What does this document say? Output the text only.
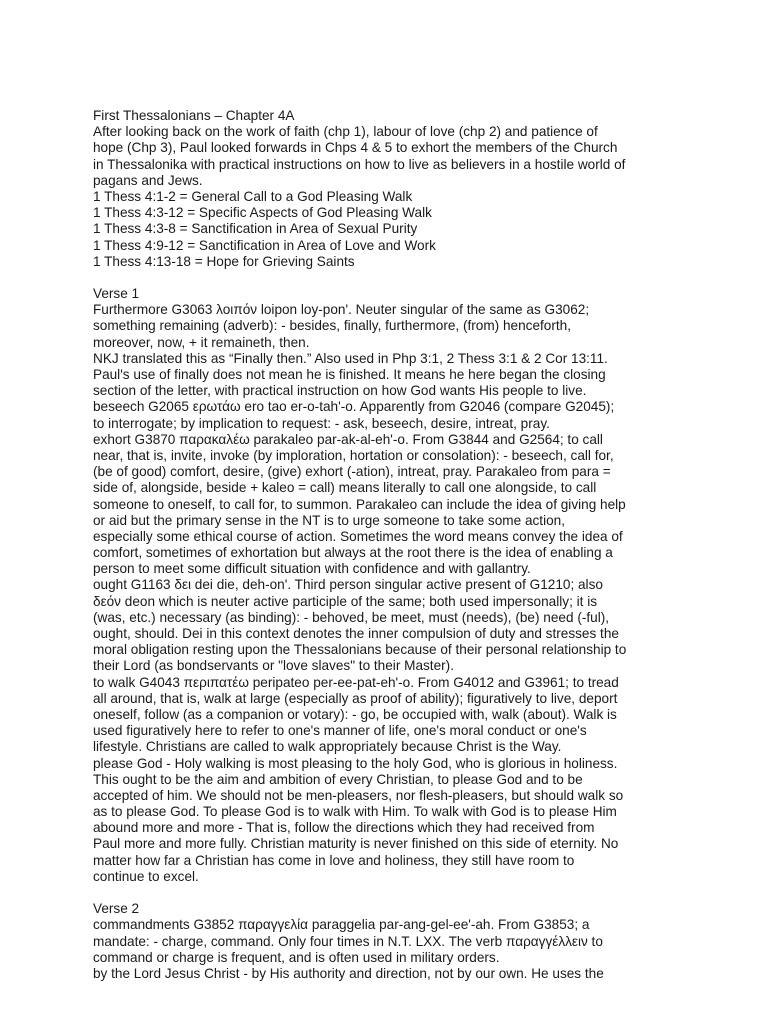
First Thessalonians – Chapter 4A
After looking back on the work of faith (chp 1), labour of love (chp 2) and patience of
hope (Chp 3), Paul looked forwards in Chps 4 & 5 to exhort the members of the Church
in Thessalonika with practical instructions on how to live as believers in a hostile world of
pagans and Jews.
1 Thess 4:1-2 = General Call to a God Pleasing Walk
1 Thess 4:3-12 = Specific Aspects of God Pleasing Walk
1 Thess 4:3-8 = Sanctification in Area of Sexual Purity
1 Thess 4:9-12 = Sanctification in Area of Love and Work
1 Thess 4:13-18 = Hope for Grieving Saints
Verse 1
Furthermore G3063 λοιπόν loipon loy-pon'. Neuter singular of the same as G3062;
something remaining (adverb): - besides, finally, furthermore, (from) henceforth,
moreover, now, + it remaineth, then.
NKJ translated this as “Finally then.” Also used in Php 3:1, 2 Thess 3:1 & 2 Cor 13:11.
Paul's use of finally does not mean he is finished. It means he here began the closing
section of the letter, with practical instruction on how God wants His people to live.
beseech G2065 ερωτάω ero tao er-o-tah'-o. Apparently from G2046 (compare G2045);
to interrogate; by implication to request: - ask, beseech, desire, intreat, pray.
exhort G3870 παρακαλέω parakaleo par-ak-al-eh'-o. From G3844 and G2564; to call
near, that is, invite, invoke (by imploration, hortation or consolation): - beseech, call for,
(be of good) comfort, desire, (give) exhort (-ation), intreat, pray. Parakaleo from para =
side of, alongside, beside + kaleo = call) means literally to call one alongside, to call
someone to oneself, to call for, to summon. Parakaleo can include the idea of giving help
or aid but the primary sense in the NT is to urge someone to take some action,
especially some ethical course of action. Sometimes the word means convey the idea of
comfort, sometimes of exhortation but always at the root there is the idea of enabling a
person to meet some difficult situation with confidence and with gallantry.
ought G1163 δει dei die, deh-on'. Third person singular active present of G1210; also
δεόν deon which is neuter active participle of the same; both used impersonally; it is
(was, etc.) necessary (as binding): - behoved, be meet, must (needs), (be) need (-ful),
ought, should. Dei in this context denotes the inner compulsion of duty and stresses the
moral obligation resting upon the Thessalonians because of their personal relationship to
their Lord (as bondservants or "love slaves" to their Master).
to walk G4043 περιπατέω peripateo per-ee-pat-eh'-o. From G4012 and G3961; to tread
all around, that is, walk at large (especially as proof of ability); figuratively to live, deport
oneself, follow (as a companion or votary): - go, be occupied with, walk (about). Walk is
used figuratively here to refer to one's manner of life, one's moral conduct or one's
lifestyle. Christians are called to walk appropriately because Christ is the Way.
please God - Holy walking is most pleasing to the holy God, who is glorious in holiness.
This ought to be the aim and ambition of every Christian, to please God and to be
accepted of him. We should not be men-pleasers, nor flesh-pleasers, but should walk so
as to please God. To please God is to walk with Him. To walk with God is to please Him
abound more and more - That is, follow the directions which they had received from
Paul more and more fully. Christian maturity is never finished on this side of eternity. No
matter how far a Christian has come in love and holiness, they still have room to
continue to excel.
Verse 2
commandments G3852 παραγγελία paraggelia par-ang-gel-ee'-ah. From G3853; a
mandate: - charge, command. Only four times in N.T. LXX. The verb παραγγέλλειν to
command or charge is frequent, and is often used in military orders.
by the Lord Jesus Christ - by His authority and direction, not by our own. He uses the
